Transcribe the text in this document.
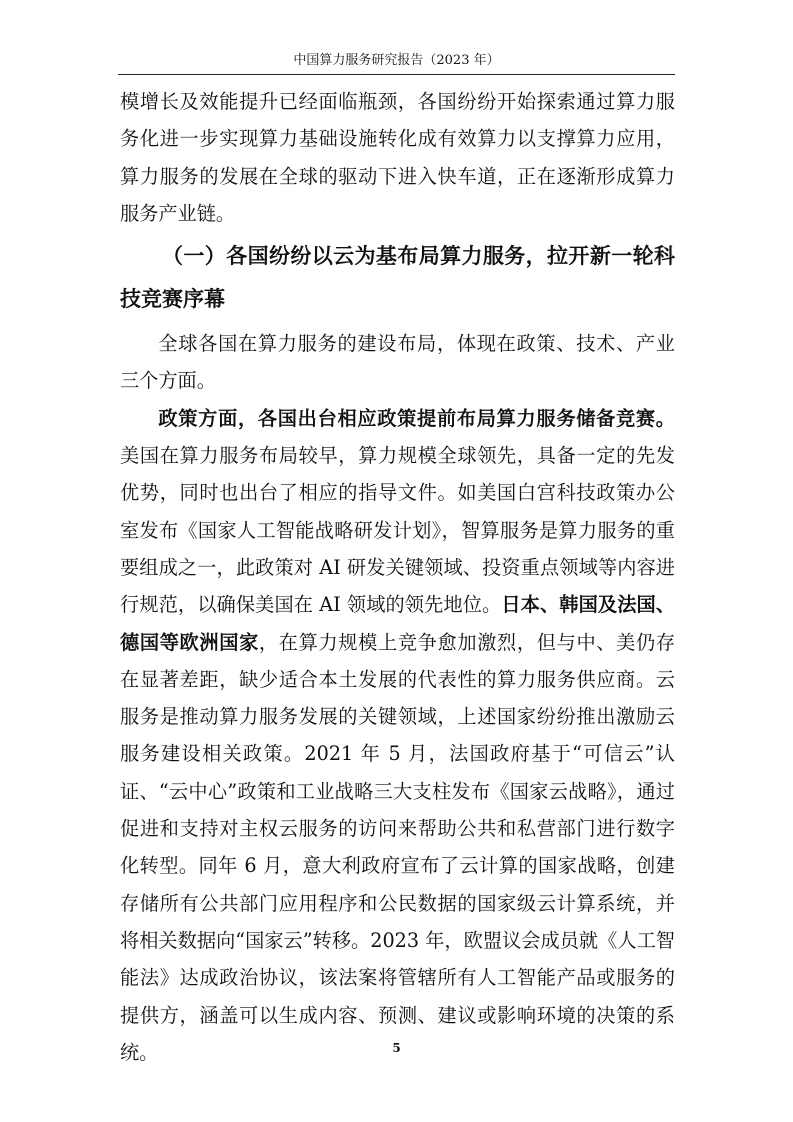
中国算力服务研究报告（2023 年）

模增长及效能提升已经面临瓶颈，各国纷纷开始探索通过算力服务化进一步实现算力基础设施转化成有效算力以支撑算力应用，算力服务的发展在全球的驱动下进入快车道，正在逐渐形成算力服务产业链。

（一）各国纷纷以云为基布局算力服务，拉开新一轮科技竞赛序幕

全球各国在算力服务的建设布局，体现在政策、技术、产业三个方面。

政策方面，各国出台相应政策提前布局算力服务储备竞赛。美国在算力服务布局较早，算力规模全球领先，具备一定的先发优势，同时也出台了相应的指导文件。如美国白宫科技政策办公室发布《国家人工智能战略研发计划》，智算服务是算力服务的重要组成之一，此政策对 AI 研发关键领域、投资重点领域等内容进行规范，以确保美国在 AI 领域的领先地位。日本、韩国及法国、德国等欧洲国家，在算力规模上竞争愈加激烈，但与中、美仍存在显著差距，缺少适合本土发展的代表性的算力服务供应商。云服务是推动算力服务发展的关键领域，上述国家纷纷推出激励云服务建设相关政策。2021 年 5 月，法国政府基于“可信云”认证、“云中心”政策和工业战略三大支柱发布《国家云战略》，通过促进和支持对主权云服务的访问来帮助公共和私营部门进行数字化转型。同年 6 月，意大利政府宣布了云计算的国家战略，创建存储所有公共部门应用程序和公民数据的国家级云计算系统，并将相关数据向“国家云”转移。2023 年，欧盟议会成员就《人工智能法》达成政治协议，该法案将管辖所有人工智能产品或服务的提供方，涵盖可以生成内容、预测、建议或影响环境的决策的系统。	5
